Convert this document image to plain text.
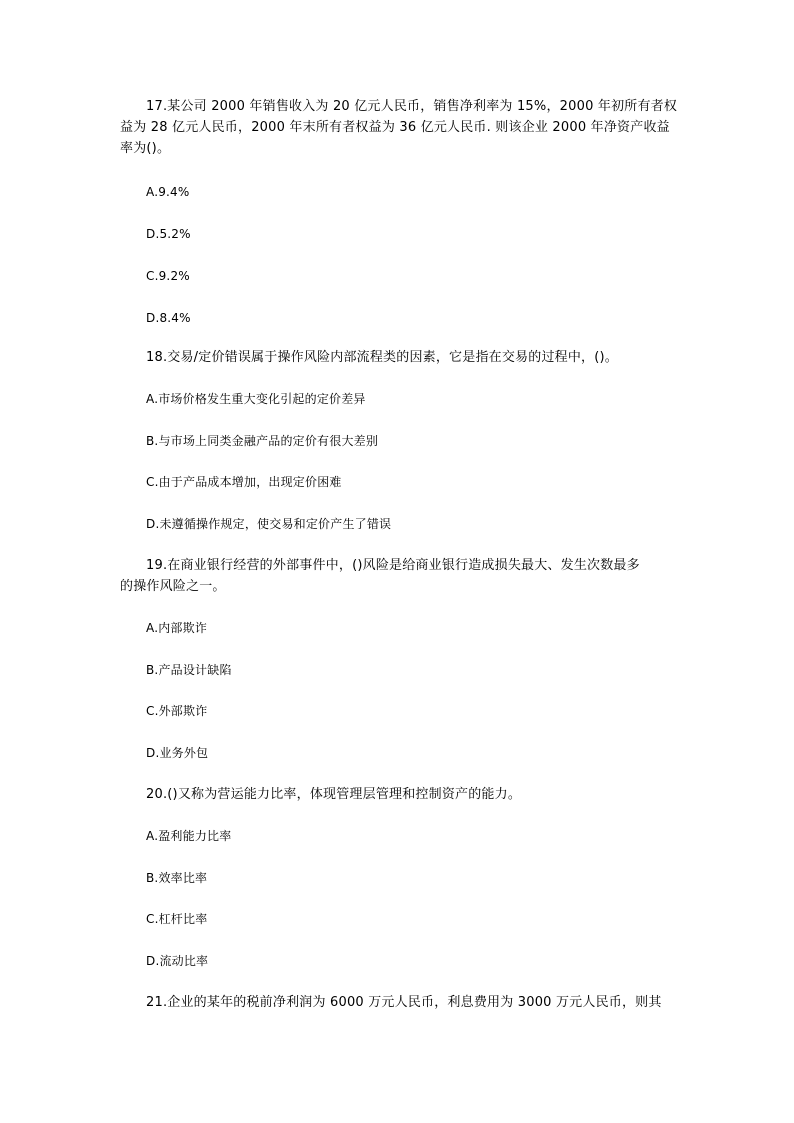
17.某公司 2000 年销售收入为 20 亿元人民币，销售净利率为 15%，2000 年初所有者权
益为 28 亿元人民币，2000 年末所有者权益为 36 亿元人民币. 则该企业 2000 年净资产收益
率为()。
A.9.4%
D.5.2%
C.9.2%
D.8.4%
18.交易/定价错误属于操作风险内部流程类的因素，它是指在交易的过程中，()。
A.市场价格发生重大变化引起的定价差异
B.与市场上同类金融产品的定价有很大差别
C.由于产品成本增加，出现定价困难
D.未遵循操作规定，使交易和定价产生了错误
19.在商业银行经营的外部事件中，()风险是给商业银行造成损失最大、发生次数最多
的操作风险之一。
A.内部欺诈
B.产品设计缺陷
C.外部欺诈
D.业务外包
20.()又称为营运能力比率，体现管理层管理和控制资产的能力。
A.盈利能力比率
B.效率比率
C.杠杆比率
D.流动比率
21.企业的某年的税前净利润为 6000 万元人民币，利息费用为 3000 万元人民币，则其
